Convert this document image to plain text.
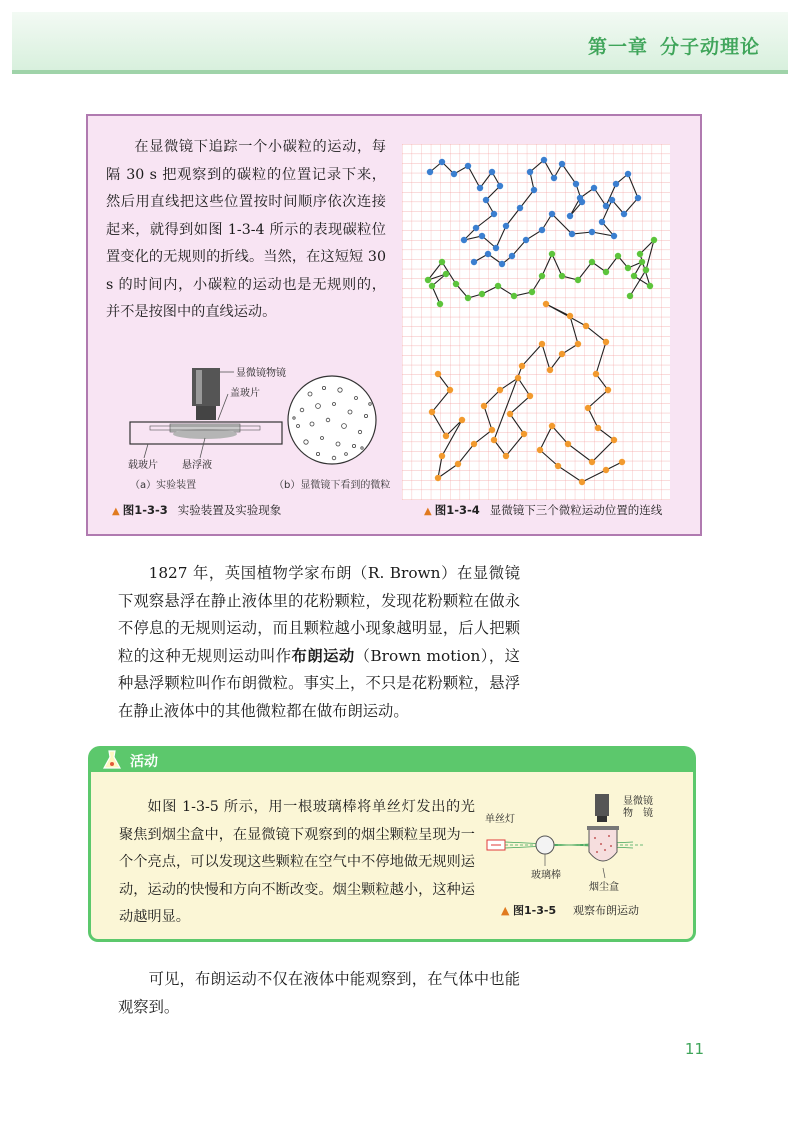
第一章 分子动理论

在显微镜下追踪一个小碳粒的运动，每隔 30 s 把观察到的碳粒的位置记录下来，然后用直线把这些位置按时间顺序依次连接起来，就得到如图 1-3-4 所示的表现碳粒位置变化的无规则的折线。当然，在这短短 30 s 的时间内，小碳粒的运动也是无规则的，并不是按图中的直线运动。

显微镜物镜
盖玻片
载玻片 悬浮液
（a）实验装置	（b）显微镜下看到的微粒
▲ 图1-3-3 实验装置及实验现象	▲ 图1-3-4 显微镜下三个微粒运动位置的连线

1827 年，英国植物学家布朗（R. Brown）在显微镜下观察悬浮在静止液体里的花粉颗粒，发现花粉颗粒在做永不停息的无规则运动，而且颗粒越小现象越明显，后人把颗粒的这种无规则运动叫作布朗运动（Brown motion），这种悬浮颗粒叫作布朗微粒。事实上，不只是花粉颗粒，悬浮在静止液体中的其他微粒都在做布朗运动。

活动

如图 1-3-5 所示，用一根玻璃棒将单丝灯发出的光聚焦到烟尘盒中，在显微镜下观察到的烟尘颗粒呈现为一个个亮点，可以发现这些颗粒在空气中不停地做无规则运动，运动的快慢和方向不断改变。烟尘颗粒越小，这种运动越明显。

单丝灯
玻璃棒
显微镜
物　镜
烟尘盒
▲ 图1-3-5 观察布朗运动

可见，布朗运动不仅在液体中能观察到，在气体中也能观察到。

11
